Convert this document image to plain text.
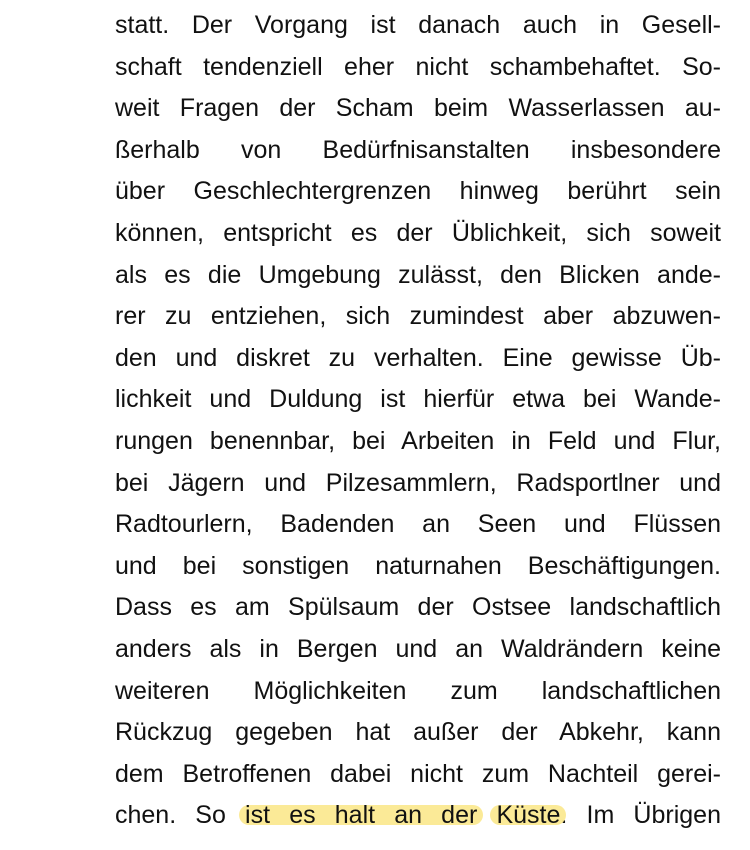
statt. Der Vorgang ist danach auch in Gesell-
schaft tendenziell eher nicht schambehaftet. So-
weit Fragen der Scham beim Wasserlassen au-
ßerhalb von Bedürfnisanstalten insbesondere
über Geschlechtergrenzen hinweg berührt sein
können, entspricht es der Üblichkeit, sich soweit
als es die Umgebung zulässt, den Blicken ande-
rer zu entziehen, sich zumindest aber abzuwen-
den und diskret zu verhalten. Eine gewisse Üb-
lichkeit und Duldung ist hierfür etwa bei Wande-
rungen benennbar, bei Arbeiten in Feld und Flur,
bei Jägern und Pilzesammlern, Radsportlner und
Radtourlern, Badenden an Seen und Flüssen
und bei sonstigen naturnahen Beschäftigungen.
Dass es am Spülsaum der Ostsee landschaftlich
anders als in Bergen und an Waldrändern keine
weiteren Möglichkeiten zum landschaftlichen
Rückzug gegeben hat außer der Abkehr, kann
dem Betroffenen dabei nicht zum Nachteil gerei-
chen. So ist es halt an der Küste. Im Übrigen
